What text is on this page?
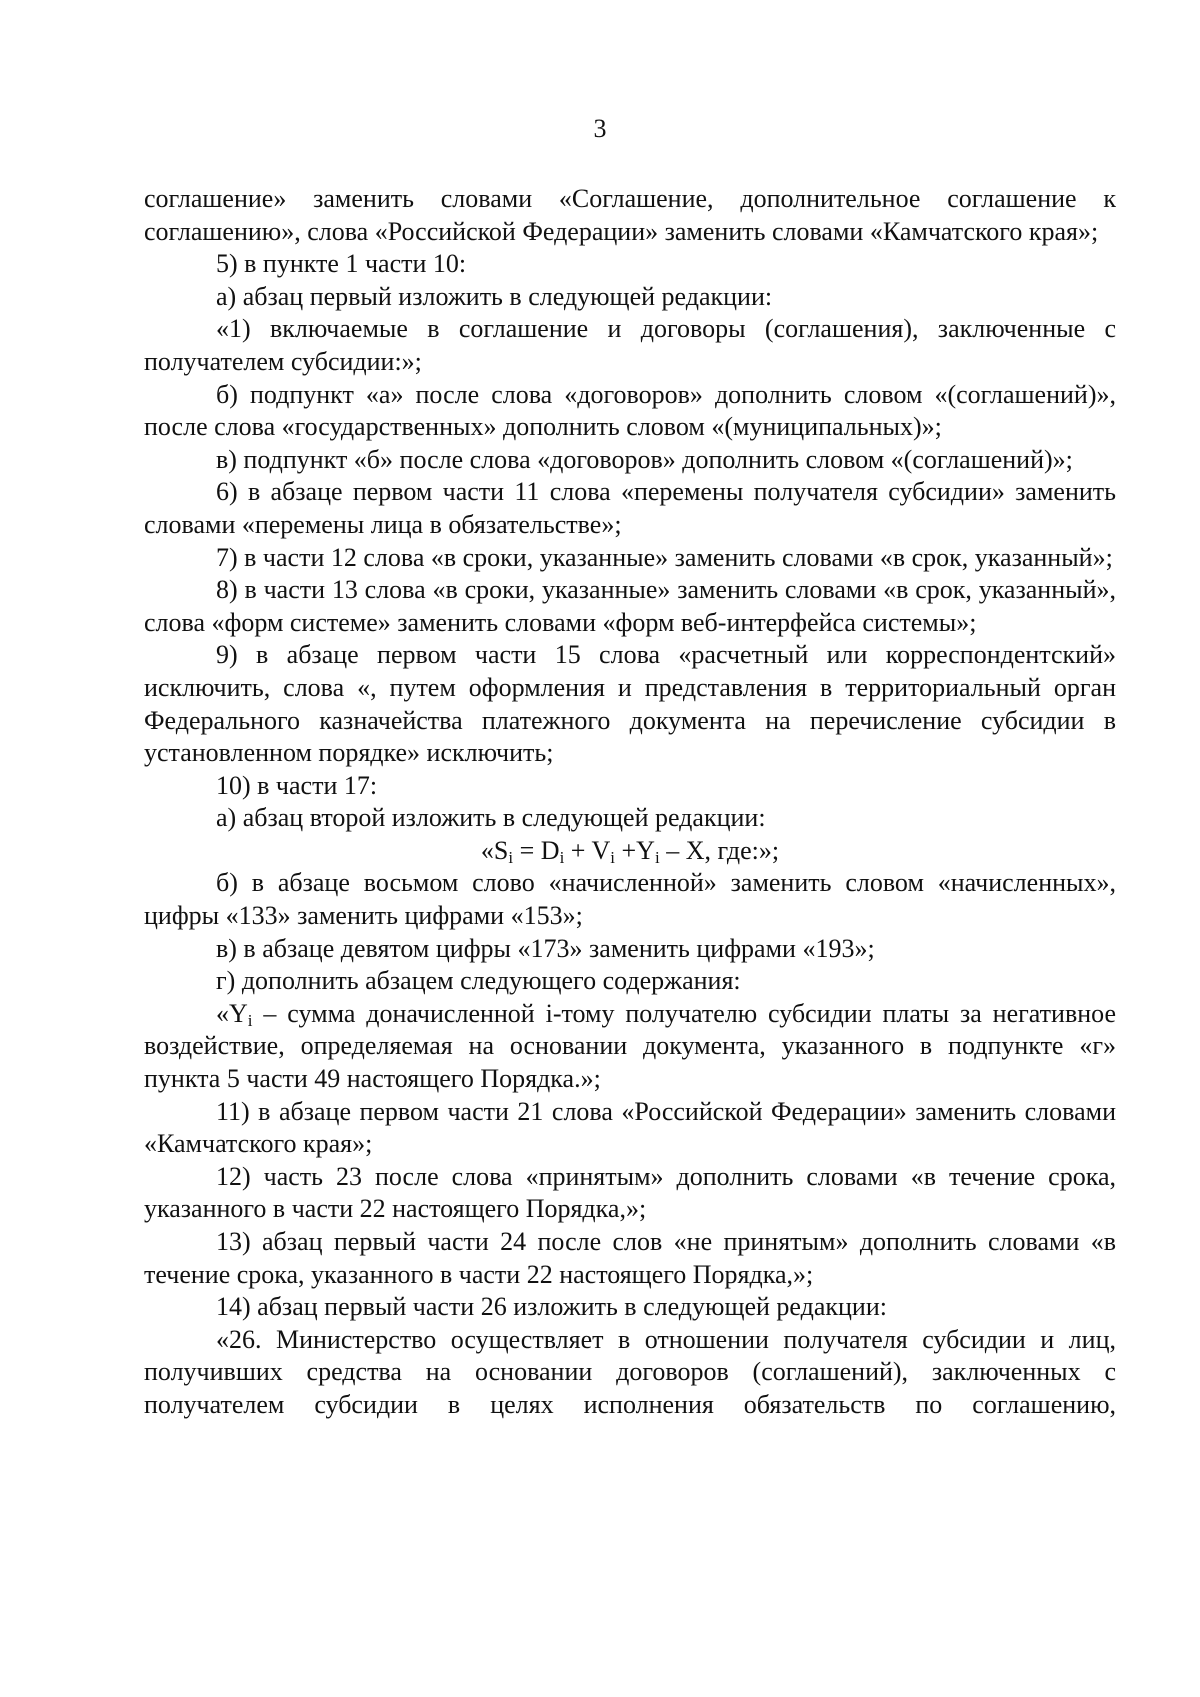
3

соглашение» заменить словами «Соглашение, дополнительное соглашение к соглашению», слова «Российской Федерации» заменить словами «Камчатского края»;

5) в пункте 1 части 10:

а) абзац первый изложить в следующей редакции:

«1) включаемые в соглашение и договоры (соглашения), заключенные с получателем субсидии:»;

б) подпункт «а» после слова «договоров» дополнить словом «(соглашений)», после слова «государственных» дополнить словом «(муниципальных)»;

в) подпункт «б» после слова «договоров» дополнить словом «(соглашений)»;

6) в абзаце первом части 11 слова «перемены получателя субсидии» заменить словами «перемены лица в обязательстве»;

7) в части 12 слова «в сроки, указанные» заменить словами «в срок, указанный»;

8) в части 13 слова «в сроки, указанные» заменить словами «в срок, указанный», слова «форм системе» заменить словами «форм веб-интерфейса системы»;

9) в абзаце первом части 15 слова «расчетный или корреспондентский» исключить, слова «, путем оформления и представления в территориальный орган Федерального казначейства платежного документа на перечисление субсидии в установленном порядке» исключить;

10) в части 17:

а) абзац второй изложить в следующей редакции:

«$S_i = D_i + V_i +Y_i - X$, где:»;

б) в абзаце восьмом слово «начисленной» заменить словом «начисленных», цифры «133» заменить цифрами «153»;

в) в абзаце девятом цифры «173» заменить цифрами «193»;

г) дополнить абзацем следующего содержания:

«$Y_i$ – сумма доначисленной i-тому получателю субсидии платы за негативное воздействие, определяемая на основании документа, указанного в подпункте «г» пункта 5 части 49 настоящего Порядка.»;

11) в абзаце первом части 21 слова «Российской Федерации» заменить словами «Камчатского края»;

12) часть 23 после слова «принятым» дополнить словами «в течение срока, указанного в части 22 настоящего Порядка,»;

13) абзац первый части 24 после слов «не принятым» дополнить словами «в течение срока, указанного в части 22 настоящего Порядка,»;

14) абзац первый части 26 изложить в следующей редакции:

«26. Министерство осуществляет в отношении получателя субсидии и лиц, получивших средства на основании договоров (соглашений), заключенных с получателем субсидии в целях исполнения обязательств по соглашению,
